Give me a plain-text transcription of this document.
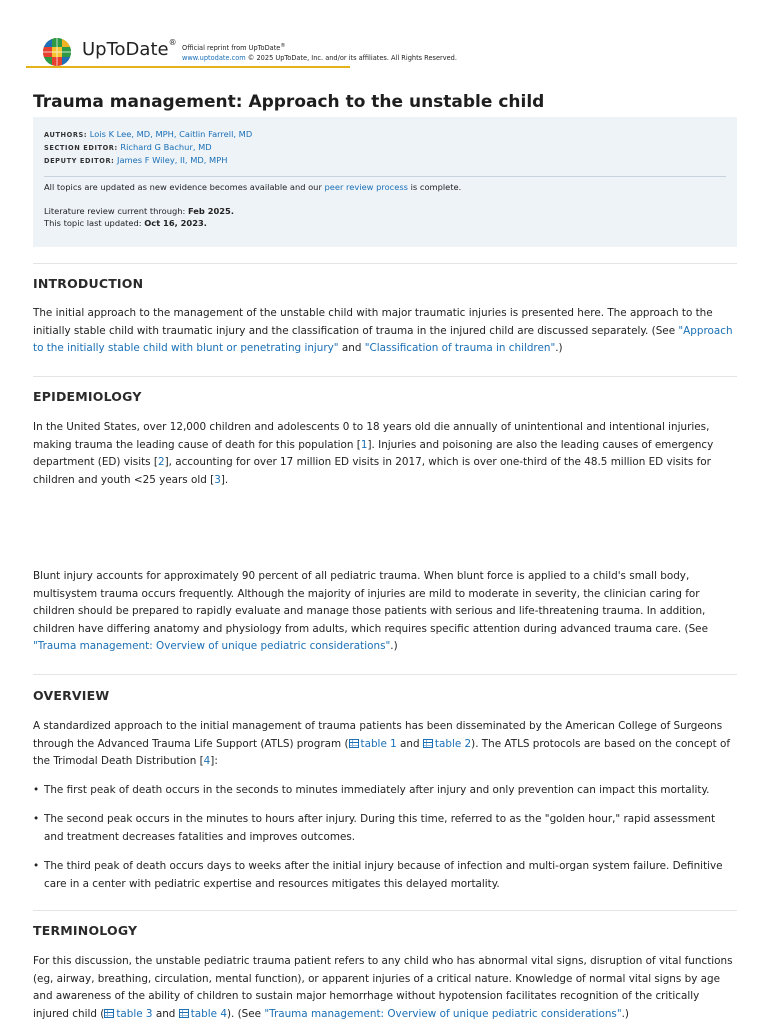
UpToDate®
Official reprint from UpToDate®
www.uptodate.com © 2025 UpToDate, Inc. and/or its affiliates. All Rights Reserved.
Trauma management: Approach to the unstable child
AUTHORS: Lois K Lee, MD, MPH, Caitlin Farrell, MD
SECTION EDITOR: Richard G Bachur, MD
DEPUTY EDITOR: James F Wiley, II, MD, MPH
All topics are updated as new evidence becomes available and our peer review process is complete.
Literature review current through: Feb 2025.
This topic last updated: Oct 16, 2023.
INTRODUCTION

The initial approach to the management of the unstable child with major traumatic injuries is presented here. The approach to the initially stable child with traumatic injury and the classification of trauma in the injured child are discussed separately. (See "Approach to the initially stable child with blunt or penetrating injury" and "Classification of trauma in children".)

EPIDEMIOLOGY

In the United States, over 12,000 children and adolescents 0 to 18 years old die annually of unintentional and intentional injuries, making trauma the leading cause of death for this population [1]. Injuries and poisoning are also the leading causes of emergency department (ED) visits [2], accounting for over 17 million ED visits in 2017, which is over one-third of the 48.5 million ED visits for children and youth <25 years old [3].

Blunt injury accounts for approximately 90 percent of all pediatric trauma. When blunt force is applied to a child's small body, multisystem trauma occurs frequently. Although the majority of injuries are mild to moderate in severity, the clinician caring for children should be prepared to rapidly evaluate and manage those patients with serious and life-threatening trauma. In addition, children have differing anatomy and physiology from adults, which requires specific attention during advanced trauma care. (See "Trauma management: Overview of unique pediatric considerations".)

OVERVIEW

A standardized approach to the initial management of trauma patients has been disseminated by the American College of Surgeons through the Advanced Trauma Life Support (ATLS) program ( table 1 and table 2). The ATLS protocols are based on the concept of the Trimodal Death Distribution [4]:

• The first peak of death occurs in the seconds to minutes immediately after injury and only prevention can impact this mortality.
• The second peak occurs in the minutes to hours after injury. During this time, referred to as the "golden hour," rapid assessment and treatment decreases fatalities and improves outcomes.
• The third peak of death occurs days to weeks after the initial injury because of infection and multi-organ system failure. Definitive care in a center with pediatric expertise and resources mitigates this delayed mortality.
TERMINOLOGY

For this discussion, the unstable pediatric trauma patient refers to any child who has abnormal vital signs, disruption of vital functions (eg, airway, breathing, circulation, mental function), or apparent injuries of a critical nature. Knowledge of normal vital signs by age and awareness of the ability of children to sustain major hemorrhage without hypotension facilitates recognition of the critically injured child ( table 3 and table 4). (See "Trauma management: Overview of unique pediatric considerations".)
